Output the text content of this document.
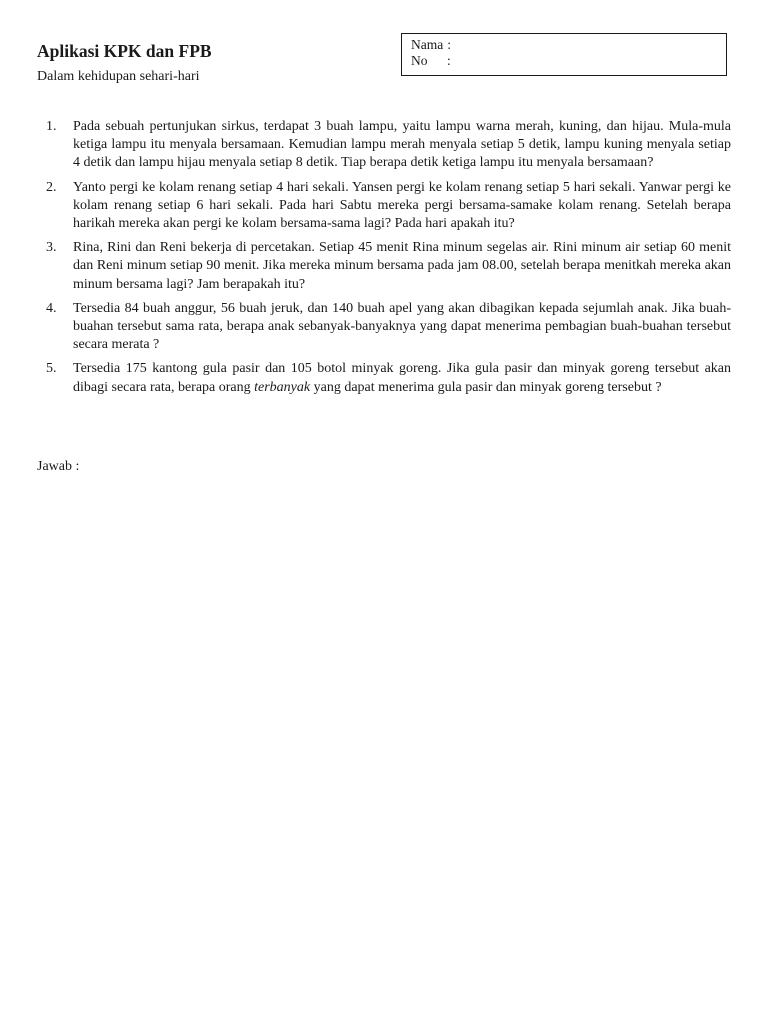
Aplikasi KPK dan FPB

Dalam kehidupan sehari-hari

Nama :
No	:
1.	Pada sebuah pertunjukan sirkus, terdapat 3 buah lampu, yaitu lampu warna merah, kuning, dan hijau. Mula-mula ketiga lampu itu menyala bersamaan. Kemudian lampu merah menyala setiap 5 detik, lampu kuning menyala setiap 4 detik dan lampu hijau menyala setiap 8 detik. Tiap berapa detik ketiga lampu itu menyala bersamaan?
2.	Yanto pergi ke kolam renang setiap 4 hari sekali. Yansen pergi ke kolam renang setiap 5 hari sekali. Yanwar pergi ke kolam renang setiap 6 hari sekali. Pada hari Sabtu mereka pergi bersama-samake kolam renang. Setelah berapa harikah mereka akan pergi ke kolam bersama-sama lagi? Pada hari apakah itu?
3.	Rina, Rini dan Reni bekerja di percetakan. Setiap 45 menit Rina minum segelas air. Rini minum air setiap 60 menit dan Reni minum setiap 90 menit. Jika mereka minum bersama pada jam 08.00, setelah berapa menitkah mereka akan minum bersama lagi? Jam berapakah itu?
4.	Tersedia 84 buah anggur, 56 buah jeruk, dan 140 buah apel yang akan dibagikan kepada sejumlah anak. Jika buah-buahan tersebut sama rata, berapa anak sebanyak-banyaknya yang dapat menerima pembagian buah-buahan tersebut secara merata ?
5.	Tersedia 175 kantong gula pasir dan 105 botol minyak goreng. Jika gula pasir dan minyak goreng tersebut akan dibagi secara rata, berapa orang terbanyak yang dapat menerima gula pasir dan minyak goreng tersebut ?

Jawab :
